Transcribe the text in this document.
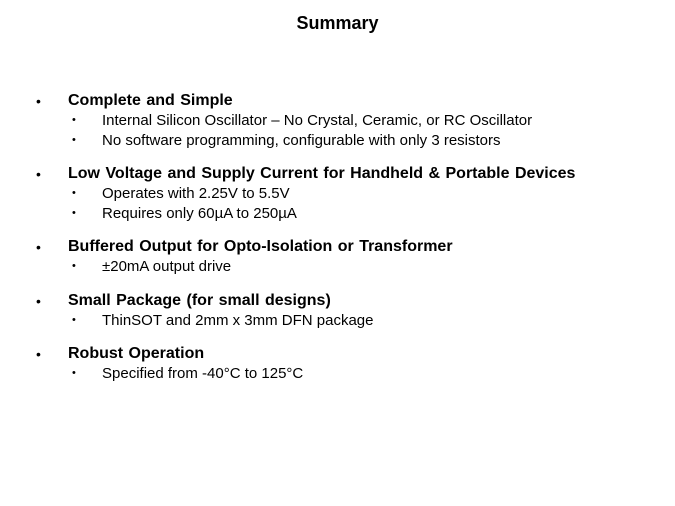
Summary
• Complete and Simple
• Internal Silicon Oscillator – No Crystal, Ceramic, or RC Oscillator
• No software programming, configurable with only 3 resistors
• Low Voltage and Supply Current for Handheld & Portable Devices
• Operates with 2.25V to 5.5V
• Requires only 60µA to 250µA
• Buffered Output for Opto-Isolation or Transformer
• ±20mA output drive
• Small Package (for small designs)
• ThinSOT and 2mm x 3mm DFN package
• Robust Operation
• Specified from -40°C to 125°C
